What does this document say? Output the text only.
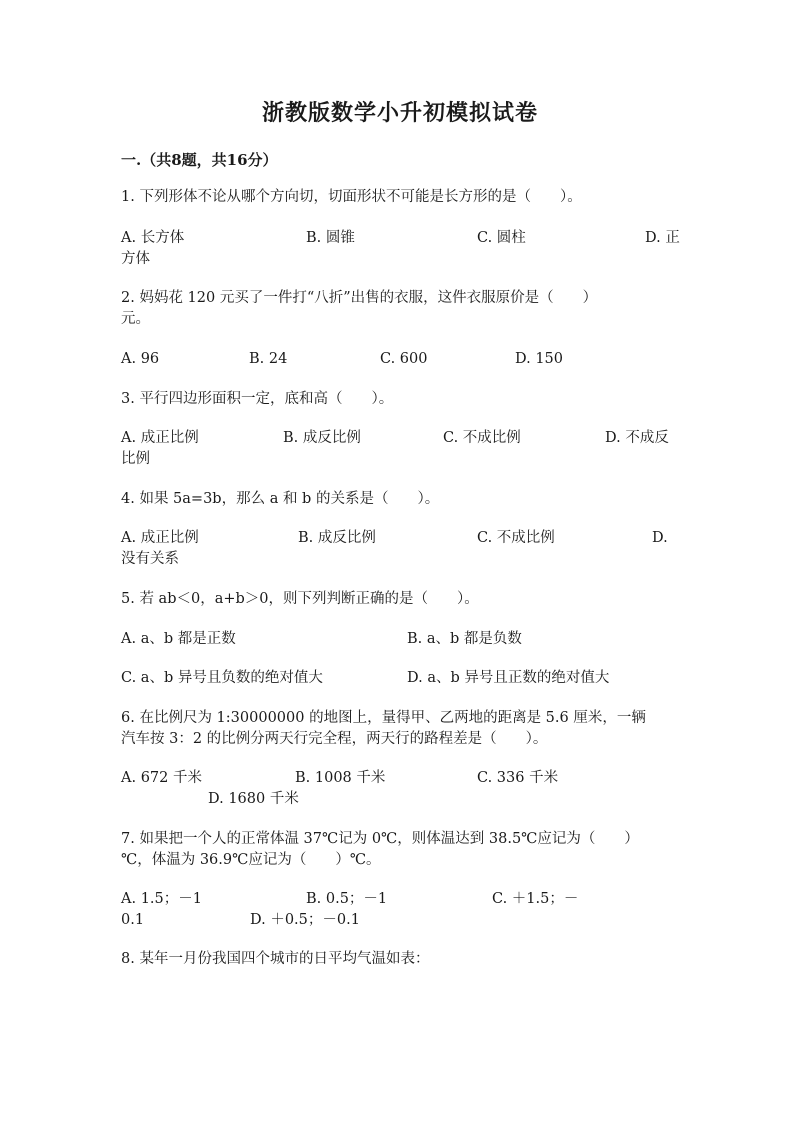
浙教版数学小升初模拟试卷
一.（共8题，共16分）
1. 下列形体不论从哪个方向切，切面形状不可能是长方形的是（　　）。
A. 长方体	B. 圆锥	C. 圆柱	D. 正
方体
2. 妈妈花 120 元买了一件打“八折”出售的衣服，这件衣服原价是（　　）
元。
A. 96	B. 24	C. 600	D. 150
3. 平行四边形面积一定，底和高（　　）。
A. 成正比例	B. 成反比例	C. 不成比例	D. 不成反
比例
4. 如果 5a=3b，那么 a 和 b 的关系是（　　）。
A. 成正比例	B. 成反比例	C. 不成比例	D.
没有关系
5. 若 ab＜0，a+b＞0，则下列判断正确的是（　　）。
A. a、b 都是正数	B. a、b 都是负数
C. a、b 异号且负数的绝对值大	D. a、b 异号且正数的绝对值大
6. 在比例尺为 1:30000000 的地图上，量得甲、乙两地的距离是 5.6 厘米，一辆
汽车按 3：2 的比例分两天行完全程，两天行的路程差是（　　）。
A. 672 千米	B. 1008 千米	C. 336 千米
D. 1680 千米
7. 如果把一个人的正常体温 37℃记为 0℃，则体温达到 38.5℃应记为（　　）
℃，体温为 36.9℃应记为（　　）℃。
A. 1.5；－1	B. 0.5；－1	C. ＋1.5；－
0.1	D. ＋0.5；－0.1
8. 某年一月份我国四个城市的日平均气温如表：
